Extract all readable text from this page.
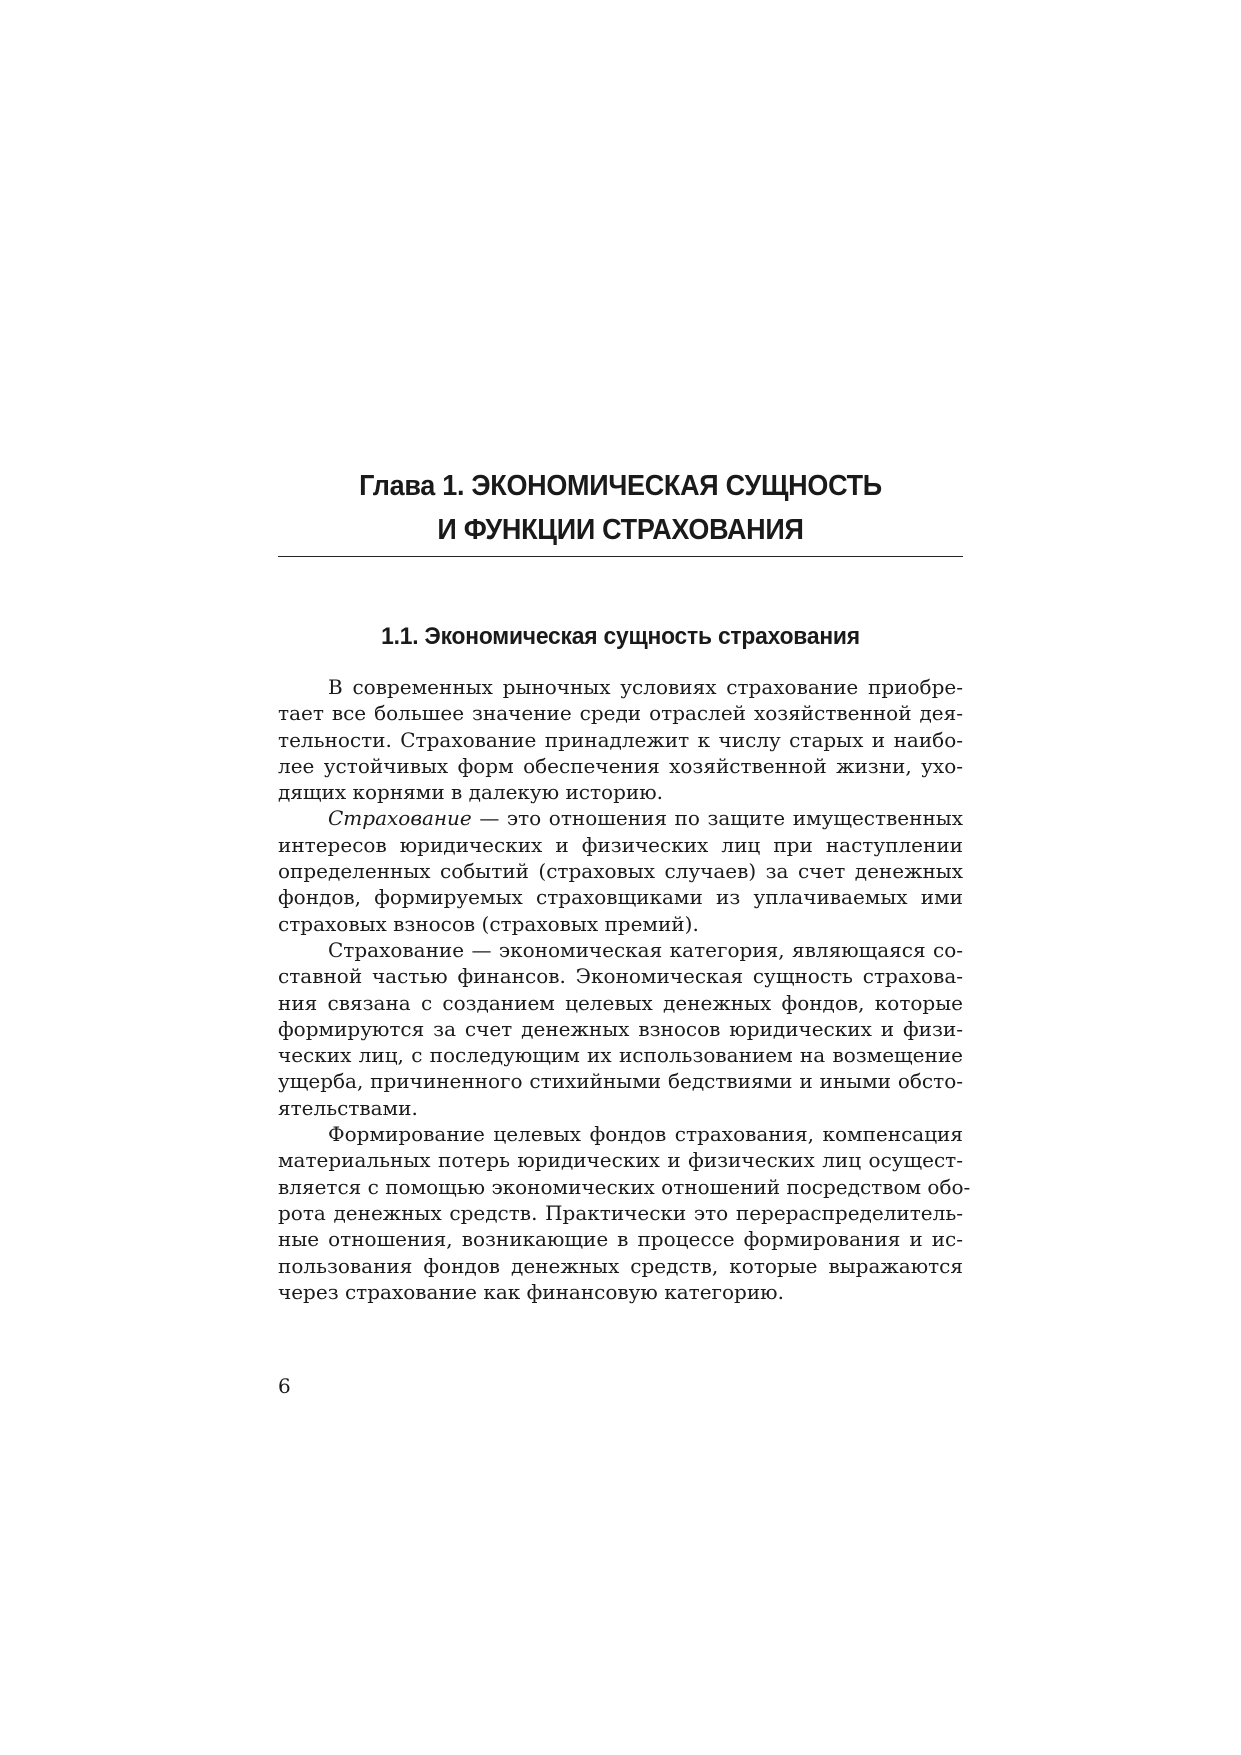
Глава 1. ЭКОНОМИЧЕСКАЯ СУЩНОСТЬ
И ФУНКЦИИ СТРАХОВАНИЯ
1.1. Экономическая сущность страхования
В современных рыночных условиях страхование приобре-
тает все большее значение среди отраслей хозяйственной дея-
тельности. Страхование принадлежит к числу старых и наибо-
лее устойчивых форм обеспечения хозяйственной жизни, ухо-
дящих корнями в далекую историю.
Страхование — это отношения по защите имущественных
интересов юридических и физических лиц при наступлении
определенных событий (страховых случаев) за счет денежных
фондов, формируемых страховщиками из уплачиваемых ими
страховых взносов (страховых премий).
Страхование — экономическая категория, являющаяся со-
ставной частью финансов. Экономическая сущность страхова-
ния связана с созданием целевых денежных фондов, которые
формируются за счет денежных взносов юридических и физи-
ческих лиц, с последующим их использованием на возмещение
ущерба, причиненного стихийными бедствиями и иными обсто-
ятельствами.
Формирование целевых фондов страхования, компенсация
материальных потерь юридических и физических лиц осущест-
вляется с помощью экономических отношений посредством обо-
рота денежных средств. Практически это перераспределитель-
ные отношения, возникающие в процессе формирования и ис-
пользования фондов денежных средств, которые выражаются
через страхование как финансовую категорию.

6
